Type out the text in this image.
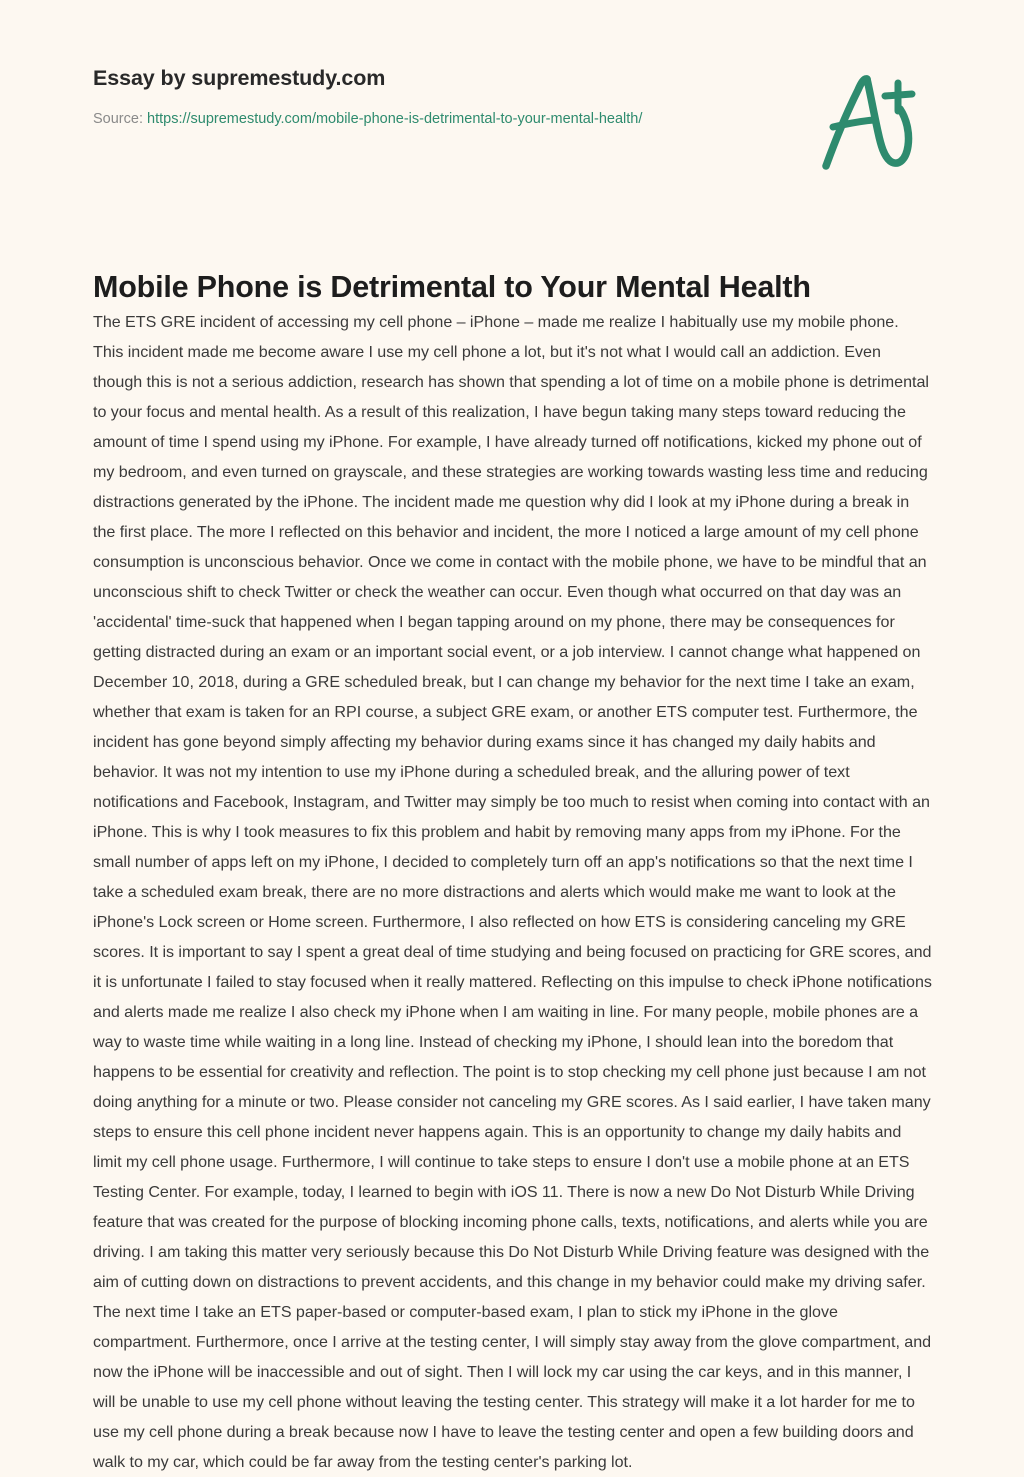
Essay by supremestudy.com
Source: https://supremestudy.com/mobile-phone-is-detrimental-to-your-mental-health/
Mobile Phone is Detrimental to Your Mental Health

The ETS GRE incident of accessing my cell phone – iPhone – made me realize I habitually use my mobile phone. This incident made me become aware I use my cell phone a lot, but it's not what I would call an addiction. Even though this is not a serious addiction, research has shown that spending a lot of time on a mobile phone is detrimental to your focus and mental health. As a result of this realization, I have begun taking many steps toward reducing the amount of time I spend using my iPhone. For example, I have already turned off notifications, kicked my phone out of my bedroom, and even turned on grayscale, and these strategies are working towards wasting less time and reducing distractions generated by the iPhone. The incident made me question why did I look at my iPhone during a break in the first place. The more I reflected on this behavior and incident, the more I noticed a large amount of my cell phone consumption is unconscious behavior. Once we come in contact with the mobile phone, we have to be mindful that an unconscious shift to check Twitter or check the weather can occur. Even though what occurred on that day was an 'accidental' time-suck that happened when I began tapping around on my phone, there may be consequences for getting distracted during an exam or an important social event, or a job interview. I cannot change what happened on December 10, 2018, during a GRE scheduled break, but I can change my behavior for the next time I take an exam, whether that exam is taken for an RPI course, a subject GRE exam, or another ETS computer test. Furthermore, the incident has gone beyond simply affecting my behavior during exams since it has changed my daily habits and behavior. It was not my intention to use my iPhone during a scheduled break, and the alluring power of text notifications and Facebook, Instagram, and Twitter may simply be too much to resist when coming into contact with an iPhone. This is why I took measures to fix this problem and habit by removing many apps from my iPhone. For the small number of apps left on my iPhone, I decided to completely turn off an app's notifications so that the next time I take a scheduled exam break, there are no more distractions and alerts which would make me want to look at the iPhone's Lock screen or Home screen. Furthermore, I also reflected on how ETS is considering canceling my GRE scores. It is important to say I spent a great deal of time studying and being focused on practicing for GRE scores, and it is unfortunate I failed to stay focused when it really mattered. Reflecting on this impulse to check iPhone notifications and alerts made me realize I also check my iPhone when I am waiting in line. For many people, mobile phones are a way to waste time while waiting in a long line. Instead of checking my iPhone, I should lean into the boredom that happens to be essential for creativity and reflection. The point is to stop checking my cell phone just because I am not doing anything for a minute or two. Please consider not canceling my GRE scores. As I said earlier, I have taken many steps to ensure this cell phone incident never happens again. This is an opportunity to change my daily habits and limit my cell phone usage. Furthermore, I will continue to take steps to ensure I don't use a mobile phone at an ETS Testing Center. For example, today, I learned to begin with iOS 11. There is now a new Do Not Disturb While Driving feature that was created for the purpose of blocking incoming phone calls, texts, notifications, and alerts while you are driving. I am taking this matter very seriously because this Do Not Disturb While Driving feature was designed with the aim of cutting down on distractions to prevent accidents, and this change in my behavior could make my driving safer. The next time I take an ETS paper-based or computer-based exam, I plan to stick my iPhone in the glove compartment. Furthermore, once I arrive at the testing center, I will simply stay away from the glove compartment, and now the iPhone will be inaccessible and out of sight. Then I will lock my car using the car keys, and in this manner, I will be unable to use my cell phone without leaving the testing center. This strategy will make it a lot harder for me to use my cell phone during a break because now I have to leave the testing center and open a few building doors and walk to my car, which could be far away from the testing center's parking lot.
